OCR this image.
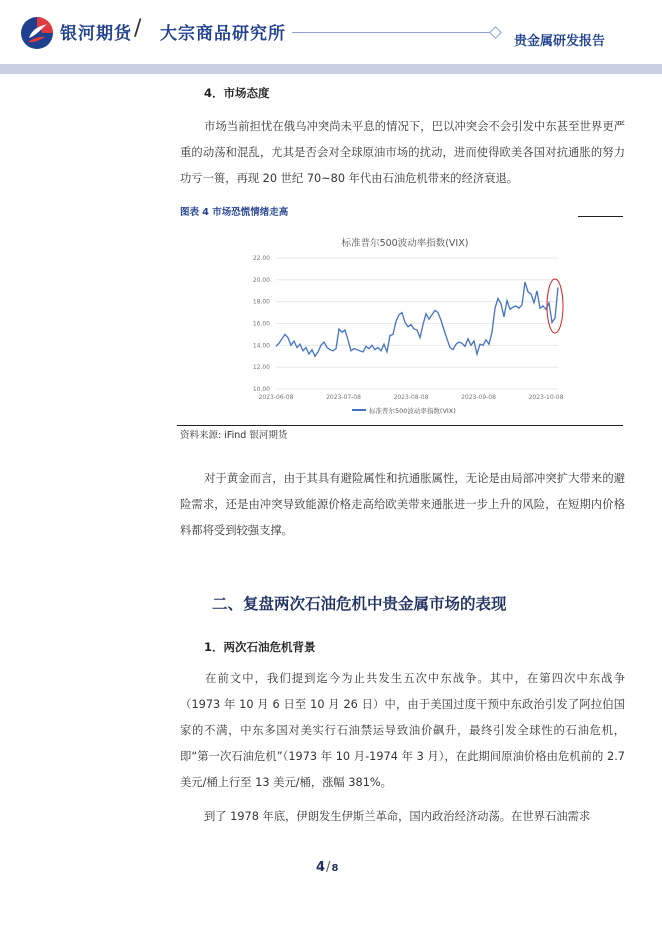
银河期货 / 大宗商品研究所	贵金属研发报告
4．市场态度
市场当前担忧在俄乌冲突尚未平息的情况下，巴以冲突会不会引发中东甚至世界更严重的动荡和混乱，尤其是否会对全球原油市场的扰动，进而使得欧美各国对抗通胀的努力功亏一篑，再现 20 世纪 70~80 年代由石油危机带来的经济衰退。
图表 4 市场恐慌情绪走高
标准普尔500波动率指数(VIX)
10.00
12.00
14.00
16.00
18.00
20.00
22.00
2023-06-08	2023-07-08	2023-08-08	2023-09-08	2023-10-08
标准普尔500波动率指数(VIX)
资料来源: iFind 银河期货
对于黄金而言，由于其具有避险属性和抗通胀属性，无论是由局部冲突扩大带来的避险需求，还是由冲突导致能源价格走高给欧美带来通胀进一步上升的风险，在短期内价格料都将受到较强支撑。
二、复盘两次石油危机中贵金属市场的表现
1．两次石油危机背景
在前文中，我们提到迄今为止共发生五次中东战争。其中，在第四次中东战争（1973 年 10 月 6 日至 10 月 26 日）中，由于美国过度干预中东政治引发了阿拉伯国家的不满，中东多国对美实行石油禁运导致油价飙升，最终引发全球性的石油危机，即“第一次石油危机”（1973 年 10 月-1974 年 3 月），在此期间原油价格由危机前的 2.7 美元/桶上行至 13 美元/桶，涨幅 381%。
到了 1978 年底，伊朗发生伊斯兰革命，国内政治经济动荡。在世界石油需求
4/8
